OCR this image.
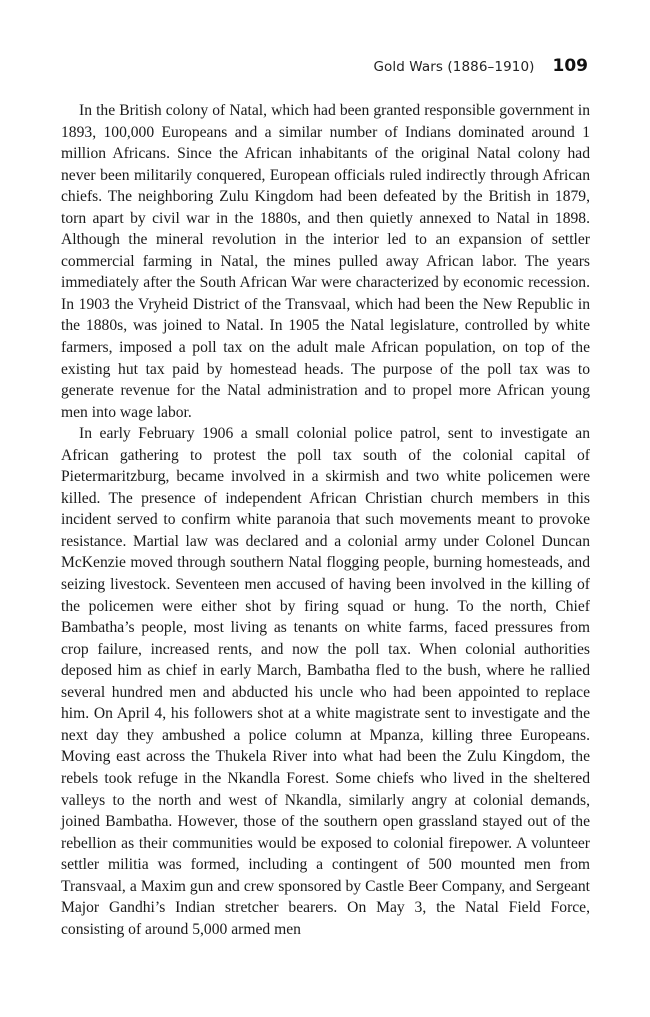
Gold Wars (1886–1910) 109

In the British colony of Natal, which had been granted responsible government in 1893, 100,000 Europeans and a similar number of Indians dominated around 1 million Africans. Since the African inhabitants of the original Natal colony had never been militarily conquered, European officials ruled indirectly through African chiefs. The neighboring Zulu Kingdom had been defeated by the British in 1879, torn apart by civil war in the 1880s, and then quietly annexed to Natal in 1898. Although the mineral revolution in the interior led to an expansion of settler commercial farming in Natal, the mines pulled away African labor. The years immediately after the South African War were characterized by economic recession. In 1903 the Vryheid District of the Transvaal, which had been the New Republic in the 1880s, was joined to Natal. In 1905 the Natal legislature, controlled by white farmers, imposed a poll tax on the adult male African population, on top of the existing hut tax paid by homestead heads. The purpose of the poll tax was to generate revenue for the Natal administration and to propel more African young men into wage labor.

In early February 1906 a small colonial police patrol, sent to investigate an African gathering to protest the poll tax south of the colonial capital of Pietermaritzburg, became involved in a skirmish and two white policemen were killed. The presence of independent African Christian church members in this incident served to confirm white paranoia that such movements meant to provoke resistance. Martial law was declared and a colonial army under Colonel Duncan McKenzie moved through southern Natal flogging people, burning homesteads, and seizing livestock. Seventeen men accused of having been involved in the killing of the policemen were either shot by firing squad or hung. To the north, Chief Bambatha’s people, most living as tenants on white farms, faced pressures from crop failure, increased rents, and now the poll tax. When colonial authorities deposed him as chief in early March, Bambatha fled to the bush, where he rallied several hundred men and abducted his uncle who had been appointed to replace him. On April 4, his followers shot at a white magistrate sent to investigate and the next day they ambushed a police column at Mpanza, killing three Europeans. Moving east across the Thukela River into what had been the Zulu Kingdom, the rebels took refuge in the Nkandla Forest. Some chiefs who lived in the sheltered valleys to the north and west of Nkandla, similarly angry at colonial demands, joined Bambatha. However, those of the southern open grassland stayed out of the rebellion as their communities would be exposed to colonial firepower. A volunteer settler militia was formed, including a contingent of 500 mounted men from Transvaal, a Maxim gun and crew sponsored by Castle Beer Company, and Sergeant Major Gandhi’s Indian stretcher bearers. On May 3, the Natal Field Force, consisting of around 5,000 armed men
